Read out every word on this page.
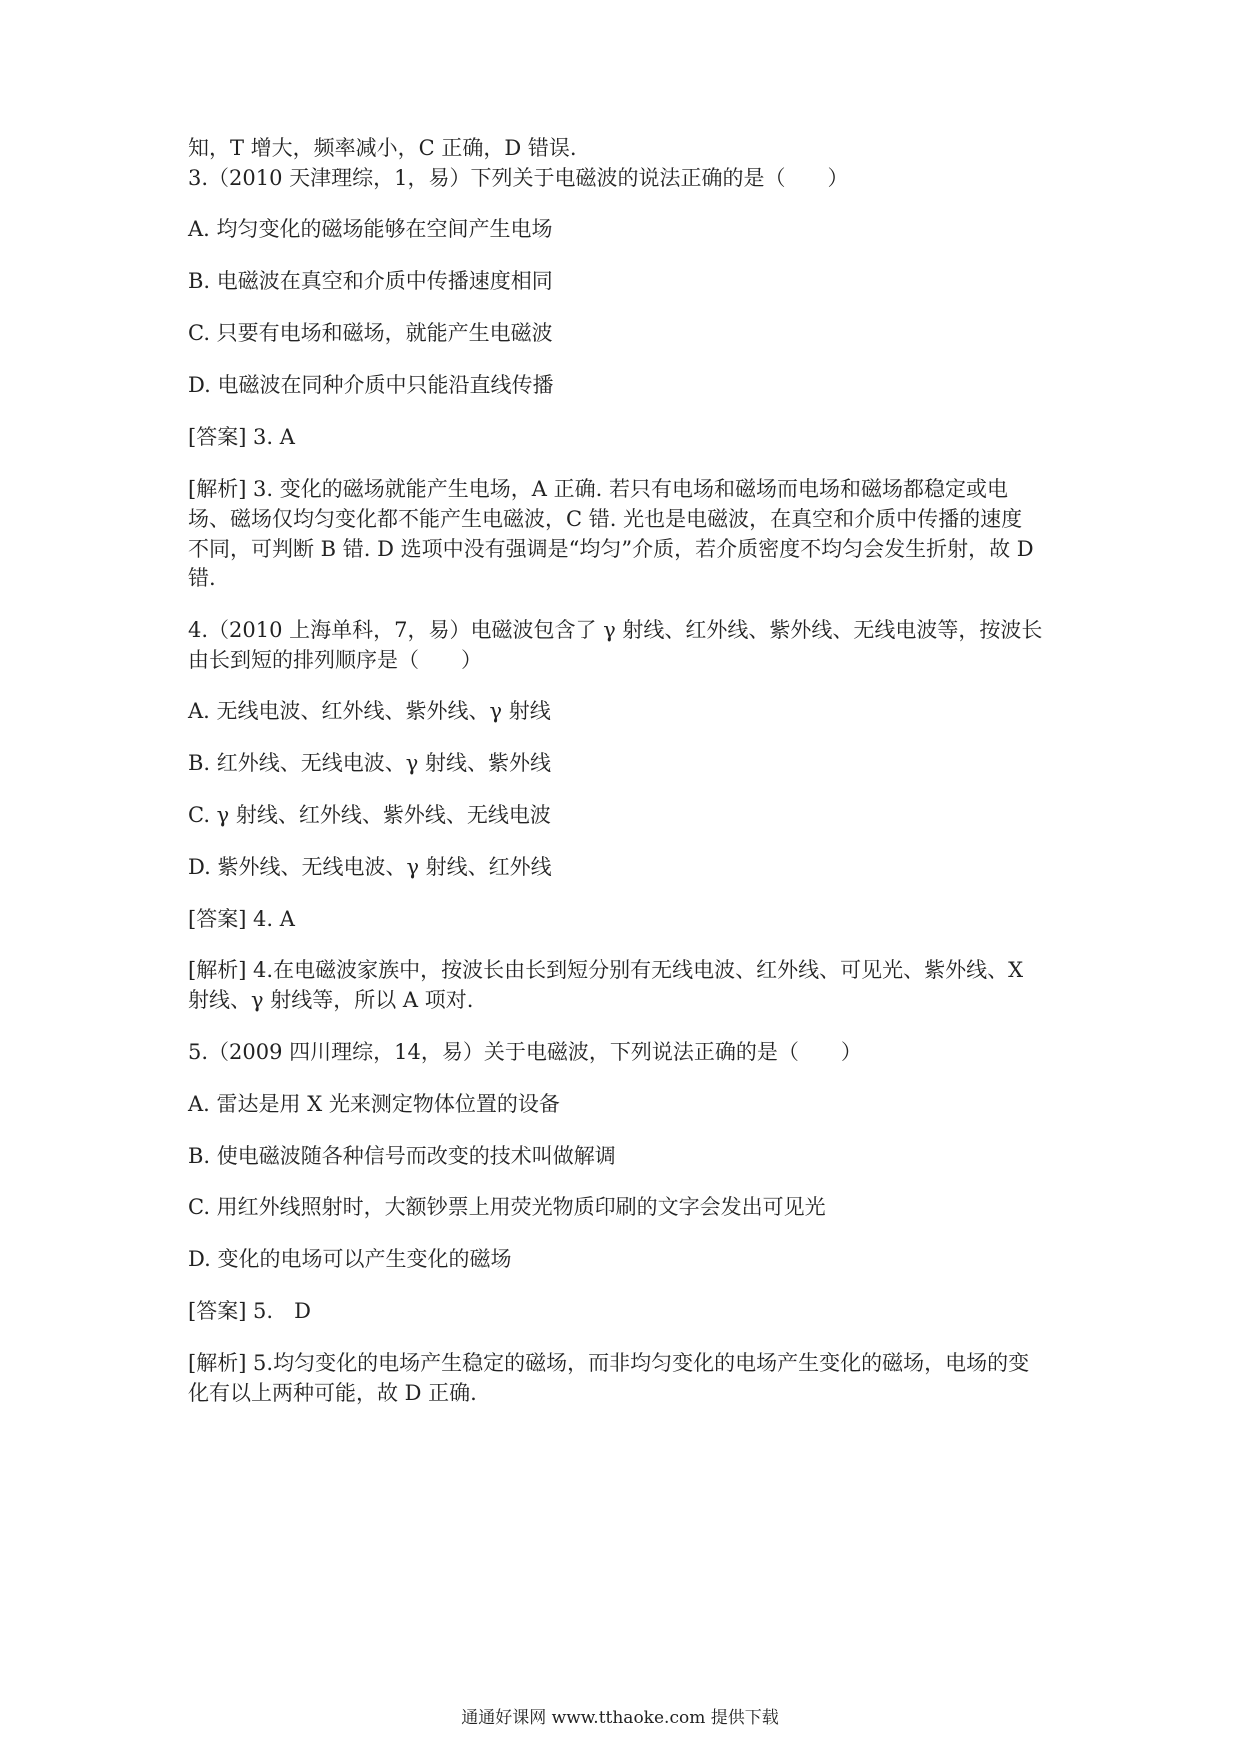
知，T 增大，频率减小，C 正确，D 错误.
3.（2010 天津理综，1，易）下列关于电磁波的说法正确的是（　　）
A. 均匀变化的磁场能够在空间产生电场
B. 电磁波在真空和介质中传播速度相同
C. 只要有电场和磁场，就能产生电磁波
D. 电磁波在同种介质中只能沿直线传播
[答案] 3. A
[解析] 3. 变化的磁场就能产生电场，A 正确. 若只有电场和磁场而电场和磁场都稳定或电
场、磁场仅均匀变化都不能产生电磁波，C 错. 光也是电磁波，在真空和介质中传播的速度
不同，可判断 B 错. D 选项中没有强调是“均匀”介质，若介质密度不均匀会发生折射，故 D
错.
4.（2010 上海单科，7，易）电磁波包含了 γ 射线、红外线、紫外线、无线电波等，按波长
由长到短的排列顺序是（　　）
A. 无线电波、红外线、紫外线、γ 射线
B. 红外线、无线电波、γ 射线、紫外线
C. γ 射线、红外线、紫外线、无线电波
D. 紫外线、无线电波、γ 射线、红外线
[答案] 4. A
[解析] 4.在电磁波家族中，按波长由长到短分别有无线电波、红外线、可见光、紫外线、X
射线、γ 射线等，所以 A 项对.
5.（2009 四川理综，14，易）关于电磁波，下列说法正确的是（　　）
A. 雷达是用 X 光来测定物体位置的设备
B. 使电磁波随各种信号而改变的技术叫做解调
C. 用红外线照射时，大额钞票上用荧光物质印刷的文字会发出可见光
D. 变化的电场可以产生变化的磁场
[答案] 5.　D
[解析] 5.均匀变化的电场产生稳定的磁场，而非均匀变化的电场产生变化的磁场，电场的变
化有以上两种可能，故 D 正确.
通通好课网 www.tthaoke.com 提供下载
